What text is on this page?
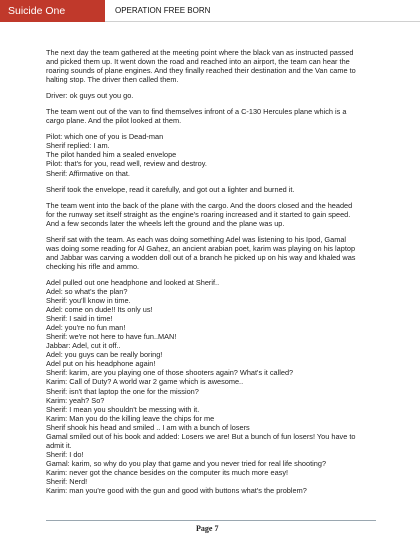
Suicide One	OPERATION FREE BORN
The next day the team gathered at the meeting point where the black van as instructed passed
and picked them up. It went down the road and reached into an airport, the team can hear the
roaring sounds of plane engines. And they finally reached their destination and the Van came to
halting stop. The driver then called them.
Driver: ok guys out you go.
The team went out of the van to find themselves infront of a C-130 Hercules plane which is a
cargo plane. And the pilot looked at them.
Pilot: which one of you is Dead-man
Sherif replied: I am.
The pilot handed him a sealed envelope
Pilot: that's for you, read well, review and destroy.
Sherif: Affirmative on that.
Sherif took the envelope, read it carefully, and got out a lighter and burned it.
The team went into the back of the plane with the cargo. And the doors closed and the headed
for the runway set itself straight as the engine's roaring increased and it started to gain speed.
And a few seconds later the wheels left the ground and the plane was up.
Sherif sat with the team. As each was doing something Adel was listening to his Ipod, Gamal
was doing some reading for Al Gahez, an ancient arabian poet, karim was playing on his laptop
and Jabbar was carving a wodden doll out of a branch he picked up on his way and khaled was
checking his rifle and ammo.
Adel pulled out one headphone and looked at Sherif..
Adel: so what's the plan?
Sherif: you'll know in time.
Adel: come on dude!! Its only us!
Sherif: I said in time!
Adel: you're no fun man!
Sherif: we're not here to have fun..MAN!
Jabbar: Adel, cut it off..
Adel: you guys can be really boring!
Adel put on his headphone again!
Sherif: karim, are you playing one of those shooters again? What's it called?
Karim: Call of Duty? A world war 2 game which is awesome..
Sherif: isn't that laptop the one for the mission?
Karim: yeah? So?
Sherif: I mean you shouldn't be messing with it.
Karim: Man you do the killing leave the chips for me
Sherif shook his head and smiled .. I am with a bunch of losers
Gamal smiled out of his book and added: Losers we are! But a bunch of fun losers! You have to
admit it.
Sherif: I do!
Gamal: karim, so why do you play that game and you never tried for real life shooting?
Karim: never got the chance besides on the computer its much more easy!
Sherif: Nerd!
Karim: man you're good with the gun and good with buttons what's the problem?
Page 7
